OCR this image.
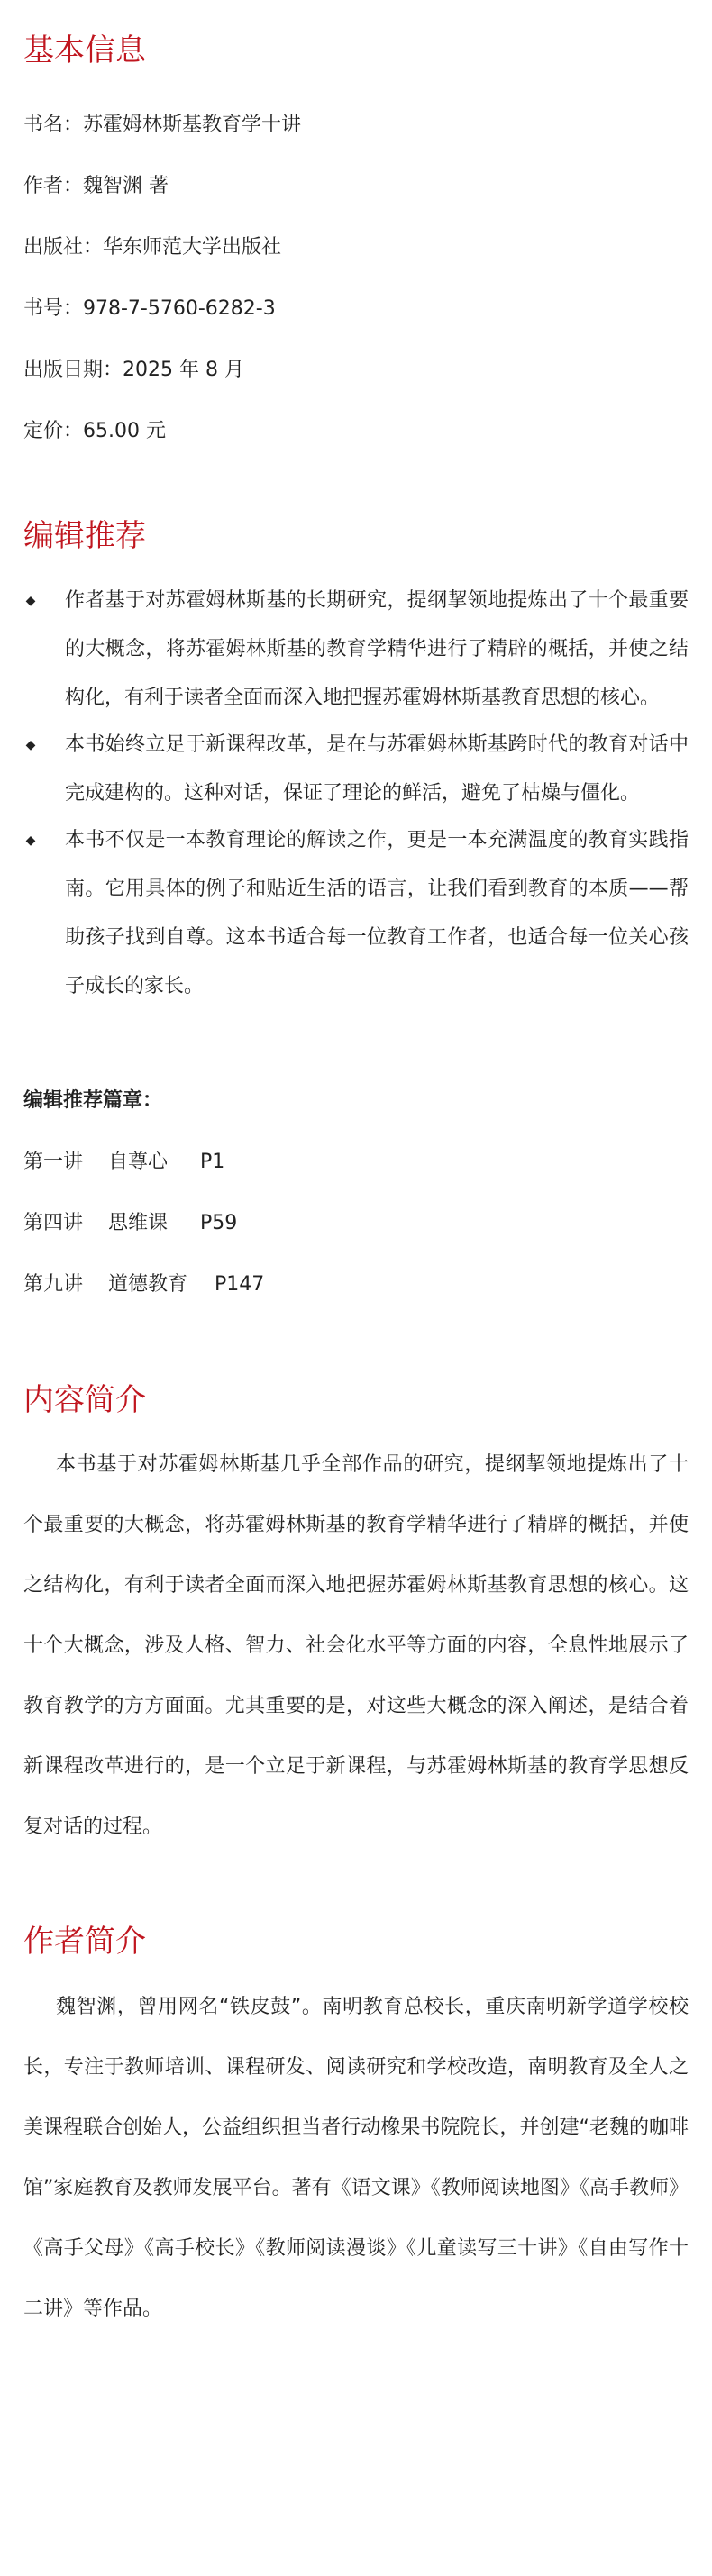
基本信息

书名：苏霍姆林斯基教育学十讲

作者：魏智渊 著

出版社：华东师范大学出版社

书号：978-7-5760-6282-3

出版日期：2025 年 8 月

定价：65.00 元

编辑推荐
◆ 作者基于对苏霍姆林斯基的长期研究，提纲挈领地提炼出了十个最重要的大概念，将苏霍姆林斯基的教育学精华进行了精辟的概括，并使之结构化，有利于读者全面而深入地把握苏霍姆林斯基教育思想的核心。
◆ 本书始终立足于新课程改革，是在与苏霍姆林斯基跨时代的教育对话中完成建构的。这种对话，保证了理论的鲜活，避免了枯燥与僵化。
◆ 本书不仅是一本教育理论的解读之作，更是一本充满温度的教育实践指南。它用具体的例子和贴近生活的语言，让我们看到教育的本质——帮助孩子找到自尊。这本书适合每一位教育工作者，也适合每一位关心孩子成长的家长。

编辑推荐篇章：

第一讲 自尊心 P1

第四讲 思维课 P59

第九讲 道德教育 P147

内容简介

本书基于对苏霍姆林斯基几乎全部作品的研究，提纲挈领地提炼出了十个最重要的大概念，将苏霍姆林斯基的教育学精华进行了精辟的概括，并使之结构化，有利于读者全面而深入地把握苏霍姆林斯基教育思想的核心。这十个大概念，涉及人格、智力、社会化水平等方面的内容，全息性地展示了教育教学的方方面面。尤其重要的是，对这些大概念的深入阐述，是结合着新课程改革进行的，是一个立足于新课程，与苏霍姆林斯基的教育学思想反复对话的过程。

作者简介

魏智渊，曾用网名“铁皮鼓”。南明教育总校长，重庆南明新学道学校校长，专注于教师培训、课程研发、阅读研究和学校改造，南明教育及全人之美课程联合创始人，公益组织担当者行动橡果书院院长，并创建“老魏的咖啡馆”家庭教育及教师发展平台。著有《语文课》《教师阅读地图》《高手教师》《高手父母》《高手校长》《教师阅读漫谈》《儿童读写三十讲》《自由写作十二讲》等作品。
